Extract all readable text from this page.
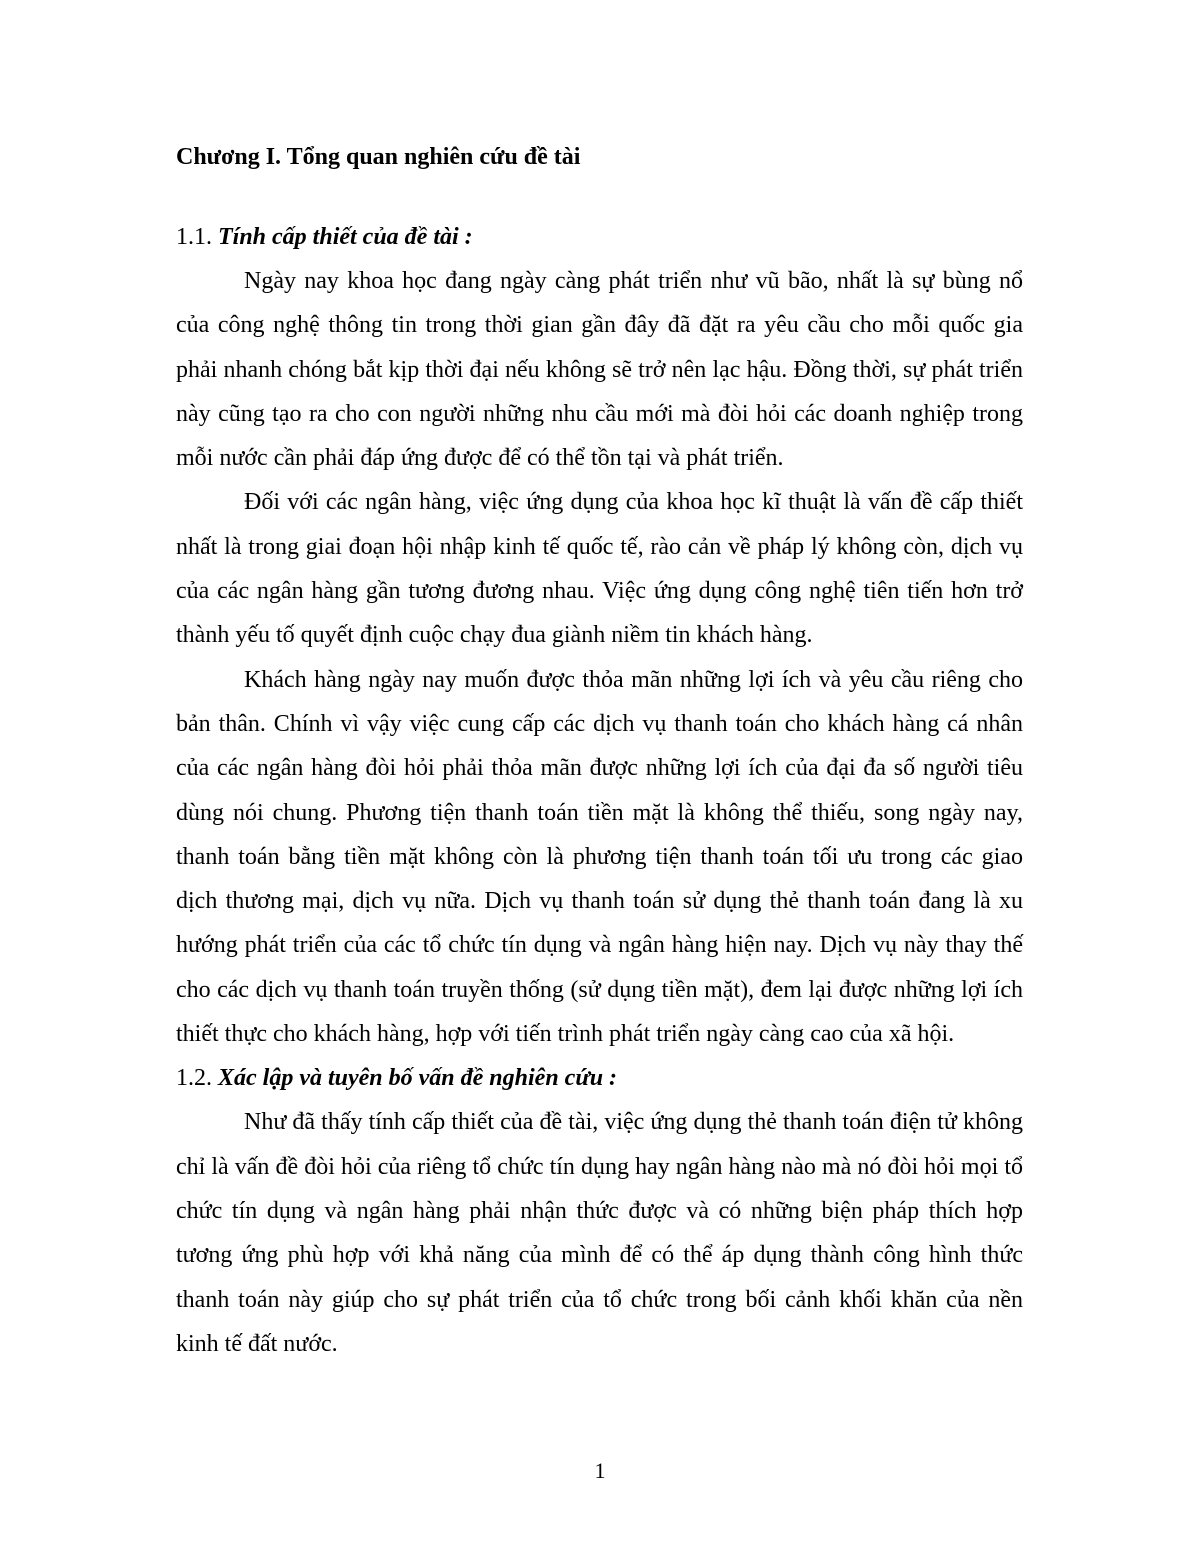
Chương I. Tổng quan nghiên cứu đề tài
1.1. Tính cấp thiết của đề tài :

Ngày nay khoa học đang ngày càng phát triển như vũ bão, nhất là sự bùng nổ của công nghệ thông tin trong thời gian gần đây đã đặt ra yêu cầu cho mỗi quốc gia phải nhanh chóng bắt kịp thời đại nếu không sẽ trở nên lạc hậu. Đồng thời, sự phát triển này cũng tạo ra cho con người những nhu cầu mới mà đòi hỏi các doanh nghiệp trong mỗi nước cần phải đáp ứng được để có thể tồn tại và phát triển.

Đối với các ngân hàng, việc ứng dụng của khoa học kĩ thuật là vấn đề cấp thiết nhất là trong giai đoạn hội nhập kinh tế quốc tế, rào cản về pháp lý không còn, dịch vụ của các ngân hàng gần tương đương nhau. Việc ứng dụng công nghệ tiên tiến hơn trở thành yếu tố quyết định cuộc chạy đua giành niềm tin khách hàng.

Khách hàng ngày nay muốn được thỏa mãn những lợi ích và yêu cầu riêng cho bản thân. Chính vì vậy việc cung cấp các dịch vụ thanh toán cho khách hàng cá nhân của các ngân hàng đòi hỏi phải thỏa mãn được những lợi ích của đại đa số người tiêu dùng nói chung. Phương tiện thanh toán tiền mặt là không thể thiếu, song ngày nay, thanh toán bằng tiền mặt không còn là phương tiện thanh toán tối ưu trong các giao dịch thương mại, dịch vụ nữa. Dịch vụ thanh toán sử dụng thẻ thanh toán đang là xu hướng phát triển của các tổ chức tín dụng và ngân hàng hiện nay. Dịch vụ này thay thế cho các dịch vụ thanh toán truyền thống (sử dụng tiền mặt), đem lại được những lợi ích thiết thực cho khách hàng, hợp với tiến trình phát triển ngày càng cao của xã hội.

1.2. Xác lập và tuyên bố vấn đề nghiên cứu :

Như đã thấy tính cấp thiết của đề tài, việc ứng dụng thẻ thanh toán điện tử không chỉ là vấn đề đòi hỏi của riêng tổ chức tín dụng hay ngân hàng nào mà nó đòi hỏi mọi tổ chức tín dụng và ngân hàng phải nhận thức được và có những biện pháp thích hợp tương ứng phù hợp với khả năng của mình để có thể áp dụng thành công hình thức thanh toán này giúp cho sự phát triển của tổ chức trong bối cảnh khối khăn của nền kinh tế đất nước.

1
